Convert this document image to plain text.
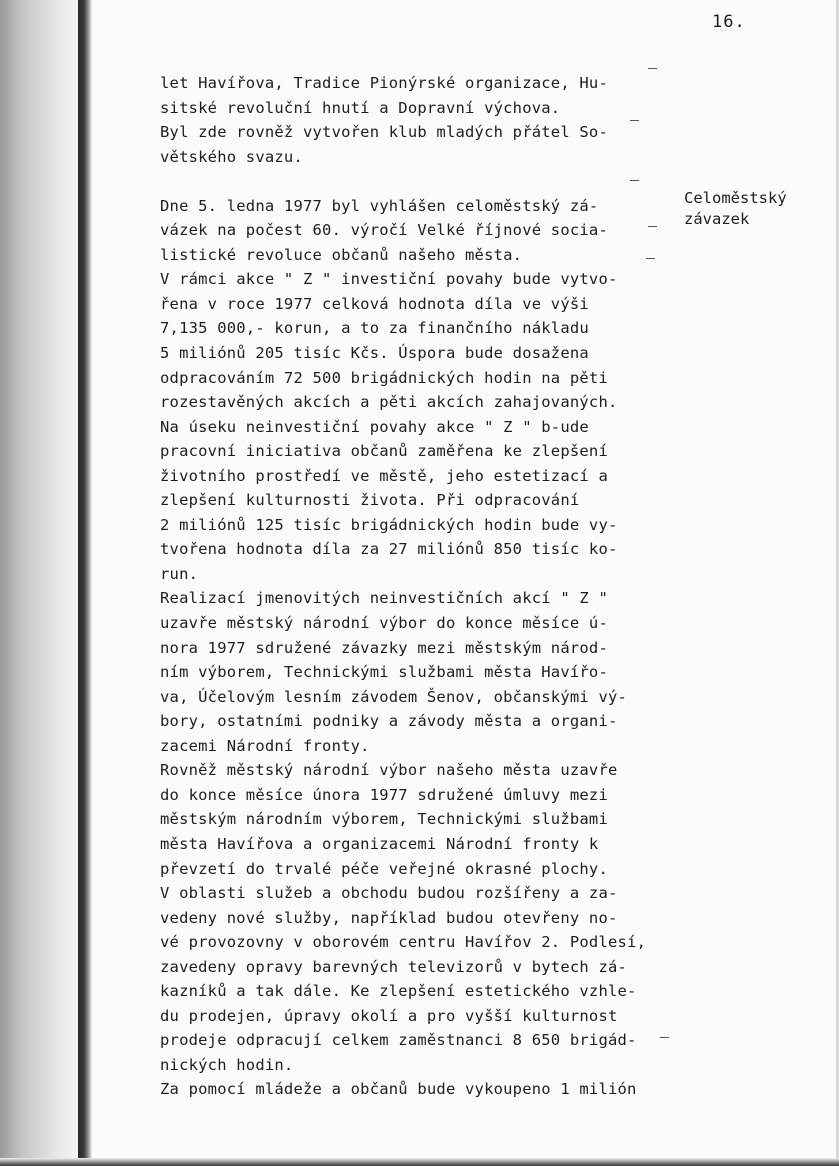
16.
let Havířova, Tradice Pionýrské organizace, Hu-
sitské revoluční hnutí a Dopravní výchova.
Byl zde rovněž vytvořen klub mladých přátel So-
větského svazu.

Dne 5. ledna 1977 byl vyhlášen celoměstský zá-
vázek na počest 60. výročí Velké říjnové socia-
listické revoluce občanů našeho města.
V rámci akce " Z " investiční povahy bude vytvo-
řena v roce 1977 celková hodnota díla ve výši
7,135 000,- korun, a to za finančního nákladu
5 miliónů 205 tisíc Kčs. Úspora bude dosažena
odpracováním 72 500 brigádnických hodin na pěti
rozestavěných akcích a pěti akcích zahajovaných.
Na úseku neinvestiční povahy akce " Z " b-ude
pracovní iniciativa občanů zaměřena ke zlepšení
životního prostředí ve městě, jeho estetizací a
zlepšení kulturnosti života. Při odpracování
2 miliónů 125 tisíc brigádnických hodin bude vy-
tvořena hodnota díla za 27 miliónů 850 tisíc ko-
run.
Realizací jmenovitých neinvestičních akcí " Z "
uzavře městský národní výbor do konce měsíce ú-
nora 1977 sdružené závazky mezi městským národ-
ním výborem, Technickými službami města Havířo-
va, Účelovým lesním závodem Šenov, občanskými vý-
bory, ostatními podniky a závody města a organi-
zacemi Národní fronty.
Rovněž městský národní výbor našeho města uzavře
do konce měsíce února 1977 sdružené úmluvy mezi
městským národním výborem, Technickými službami
města Havířova a organizacemi Národní fronty k
převzetí do trvalé péče veřejné okrasné plochy.
V oblasti služeb a obchodu budou rozšířeny a za-
vedeny nové služby, například budou otevřeny no-
vé provozovny v oborovém centru Havířov 2. Podlesí,
zavedeny opravy barevných televizorů v bytech zá-
kazníků a tak dále. Ke zlepšení estetického vzhle-
du prodejen, úpravy okolí a pro vyšší kulturnost
prodeje odpracují celkem zaměstnanci 8 650 brigád-
nických hodin.
Za pomocí mládeže a občanů bude vykoupeno 1 milión
Celoměstský
závazek
